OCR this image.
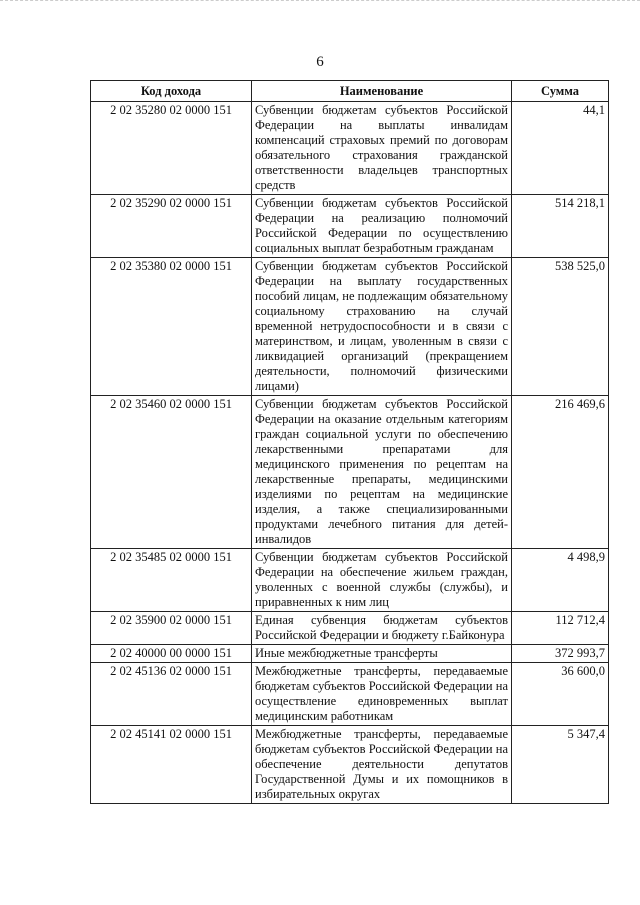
6
Код дохода	Наименование	Сумма
2 02 35280 02 0000 151	Субвенции бюджетам субъектов Российской Федерации на выплаты инвалидам компенсаций страховых премий по договорам обязательного страхования гражданской ответственности владельцев транспортных средств	44,1
2 02 35290 02 0000 151	Субвенции бюджетам субъектов Российской Федерации на реализацию полномочий Российской Федерации по осуществлению социальных выплат безработным гражданам	514 218,1
2 02 35380 02 0000 151	Субвенции бюджетам субъектов Российской Федерации на выплату государственных пособий лицам, не подлежащим обязательному социальному страхованию на случай временной нетрудоспособности и в связи с материнством, и лицам, уволенным в связи с ликвидацией организаций (прекращением деятельности, полномочий физическими лицами)	538 525,0
2 02 35460 02 0000 151	Субвенции бюджетам субъектов Российской Федерации на оказание отдельным категориям граждан социальной услуги по обеспечению лекарственными препаратами для медицинского применения по рецептам на лекарственные препараты, медицинскими изделиями по рецептам на медицинские изделия, а также специализированными продуктами лечебного питания для детей-инвалидов	216 469,6
2 02 35485 02 0000 151	Субвенции бюджетам субъектов Российской Федерации на обеспечение жильем граждан, уволенных с военной службы (службы), и приравненных к ним лиц	4 498,9
2 02 35900 02 0000 151	Единая субвенция бюджетам субъектов Российской Федерации и бюджету г.Байконура	112 712,4
2 02 40000 00 0000 151	Иные межбюджетные трансферты	372 993,7
2 02 45136 02 0000 151	Межбюджетные трансферты, передаваемые бюджетам субъектов Российской Федерации на осуществление единовременных выплат медицинским работникам	36 600,0
2 02 45141 02 0000 151	Межбюджетные трансферты, передаваемые бюджетам субъектов Российской Федерации на обеспечение деятельности депутатов Государственной Думы и их помощников в избирательных округах	5 347,4
